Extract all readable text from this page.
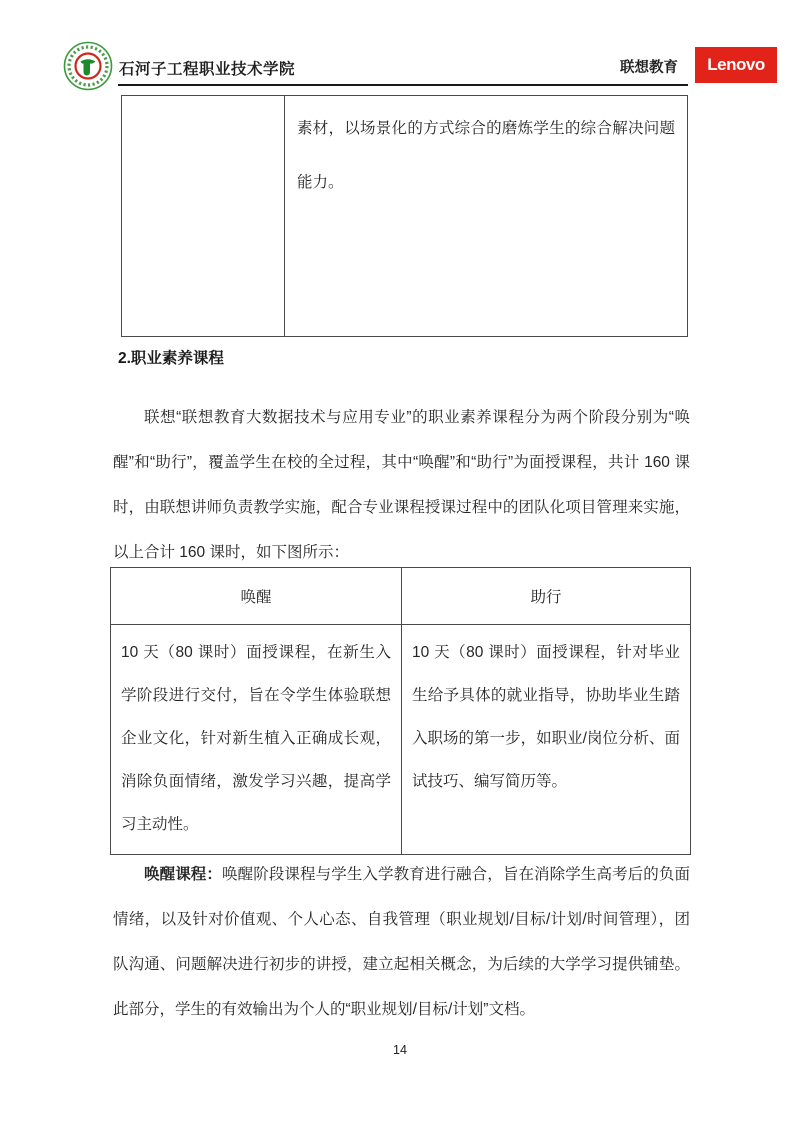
石河子工程职业技术学院	联想教育 Lenovo
素材，以场景化的方式综合的磨炼学生的综合解决问题能力。
2.职业素养课程
联想“联想教育大数据技术与应用专业”的职业素养课程分为两个阶段分别为“唤醒”和“助行”，覆盖学生在校的全过程，其中“唤醒”和“助行”为面授课程，共计 160 课时，由联想讲师负责教学实施，配合专业课程授课过程中的团队化项目管理来实施，以上合计 160 课时，如下图所示：
唤醒	助行
10 天（80 课时）面授课程，在新生入学阶段进行交付，旨在令学生体验联想企业文化，针对新生植入正确成长观，消除负面情绪，激发学习兴趣，提高学习主动性。
10 天（80 课时）面授课程，针对毕业生给予具体的就业指导，协助毕业生踏入职场的第一步，如职业/岗位分析、面试技巧、编写简历等。
唤醒课程：唤醒阶段课程与学生入学教育进行融合，旨在消除学生高考后的负面情绪，以及针对价值观、个人心态、自我管理（职业规划/目标/计划/时间管理），团队沟通、问题解决进行初步的讲授，建立起相关概念，为后续的大学学习提供铺垫。此部分，学生的有效输出为个人的“职业规划/目标/计划”文档。
14
